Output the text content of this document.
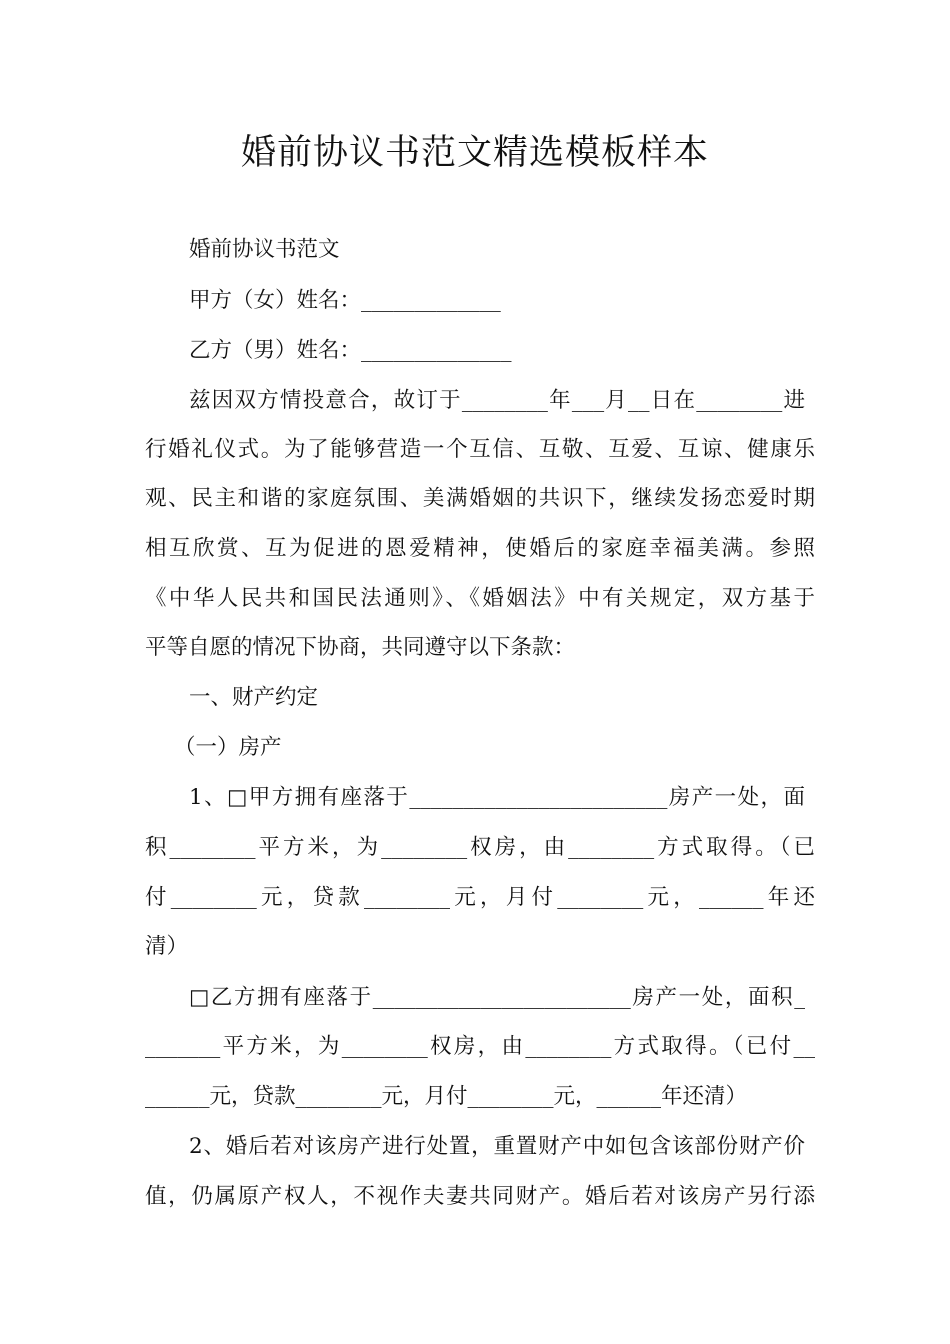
婚前协议书范文精选模板样本

婚前协议书范文

甲方（女）姓名：_____________

乙方（男）姓名：______________

兹因双方情投意合，故订于________年___月__日在________进

行婚礼仪式。为了能够营造一个互信、互敬、互爱、互谅、健康乐

观、民主和谐的家庭氛围、美满婚姻的共识下，继续发扬恋爱时期

相互欣赏、互为促进的恩爱精神，使婚后的家庭幸福美满。参照

《中华人民共和国民法通则》、《婚姻法》中有关规定，双方基于

平等自愿的情况下协商，共同遵守以下条款：

一、财产约定

（一）房产

1、□甲方拥有座落于________________________房产一处，面

积________平方米，为________权房，由________方式取得。（已

付________元，贷款________元，月付________元，______年还

清）

□乙方拥有座落于________________________房产一处，面积_

_______平方米，为________权房，由________方式取得。（已付__

______元，贷款________元，月付________元，______年还清）

2、婚后若对该房产进行处置，重置财产中如包含该部份财产价

值，仍属原产权人，不视作夫妻共同财产。婚后若对该房产另行添
